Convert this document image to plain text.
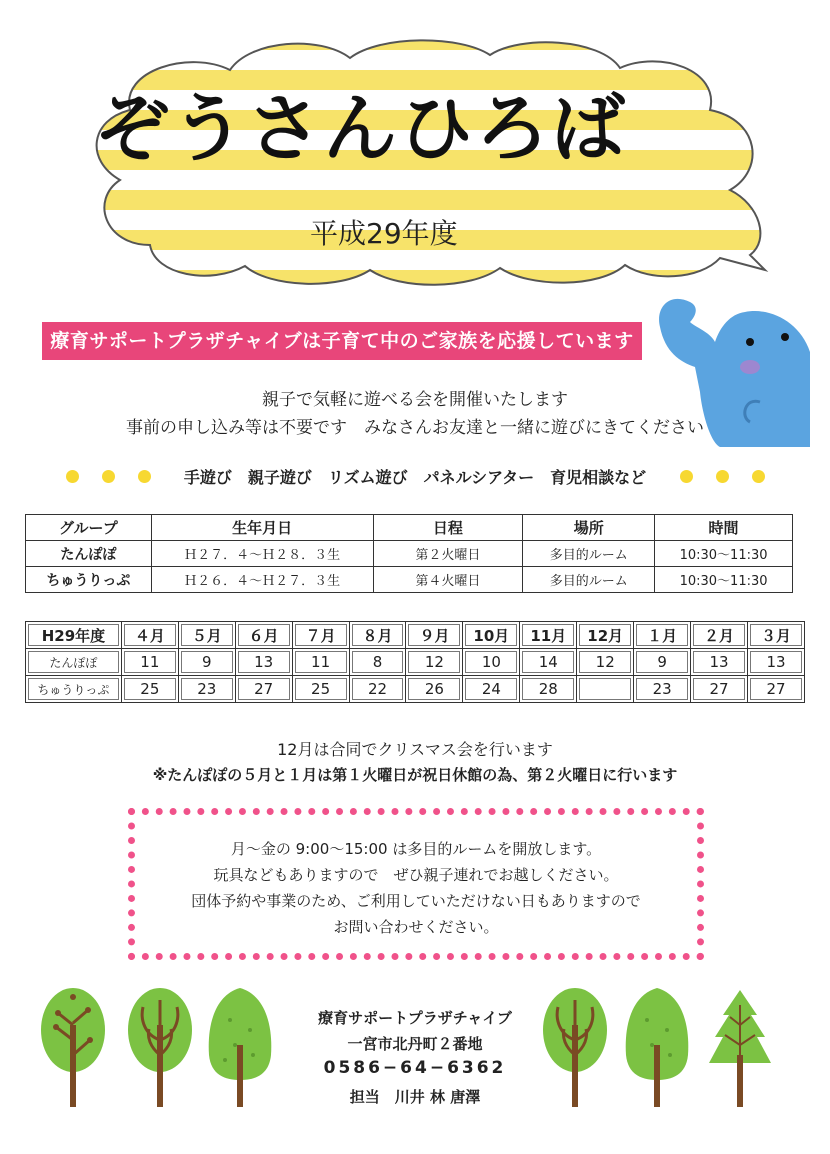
ぞうさんひろば
平成29年度
療育サポートプラザチャイブは子育て中のご家族を応援しています
親子で気軽に遊べる会を開催いたします
事前の申し込み等は不要です　みなさんお友達と一緒に遊びにきてください
手遊び　親子遊び　リズム遊び　パネルシアター　育児相談など
グループ	生年月日	日程	場所	時間
たんぽぽ	Ｈ２７．４～Ｈ２８．３生	第２火曜日	多目的ルーム	10:30～11:30
ちゅうりっぷ	Ｈ２６．４～Ｈ２７．３生	第４火曜日	多目的ルーム	10:30～11:30
H29年度	４月	５月	６月	７月	８月	９月	10月	11月	12月	１月	２月	３月
たんぽぽ	11	9	13	11	8	12	10	14	12	9	13	13
ちゅうりっぷ	25	23	27	25	22	26	24	28		23	27	27
12月は合同でクリスマス会を行います
※たんぽぽの５月と１月は第１火曜日が祝日休館の為、第２火曜日に行います
月～金の 9:00～15:00 は多目的ルームを開放します。
玩具などもありますので　ぜひ親子連れでお越しください。
団体予約や事業のため、ご利用していただけない日もありますので
お問い合わせください。
療育サポートプラザチャイブ
一宮市北丹町２番地
0586−64−6362
担当　川井 林 唐澤
